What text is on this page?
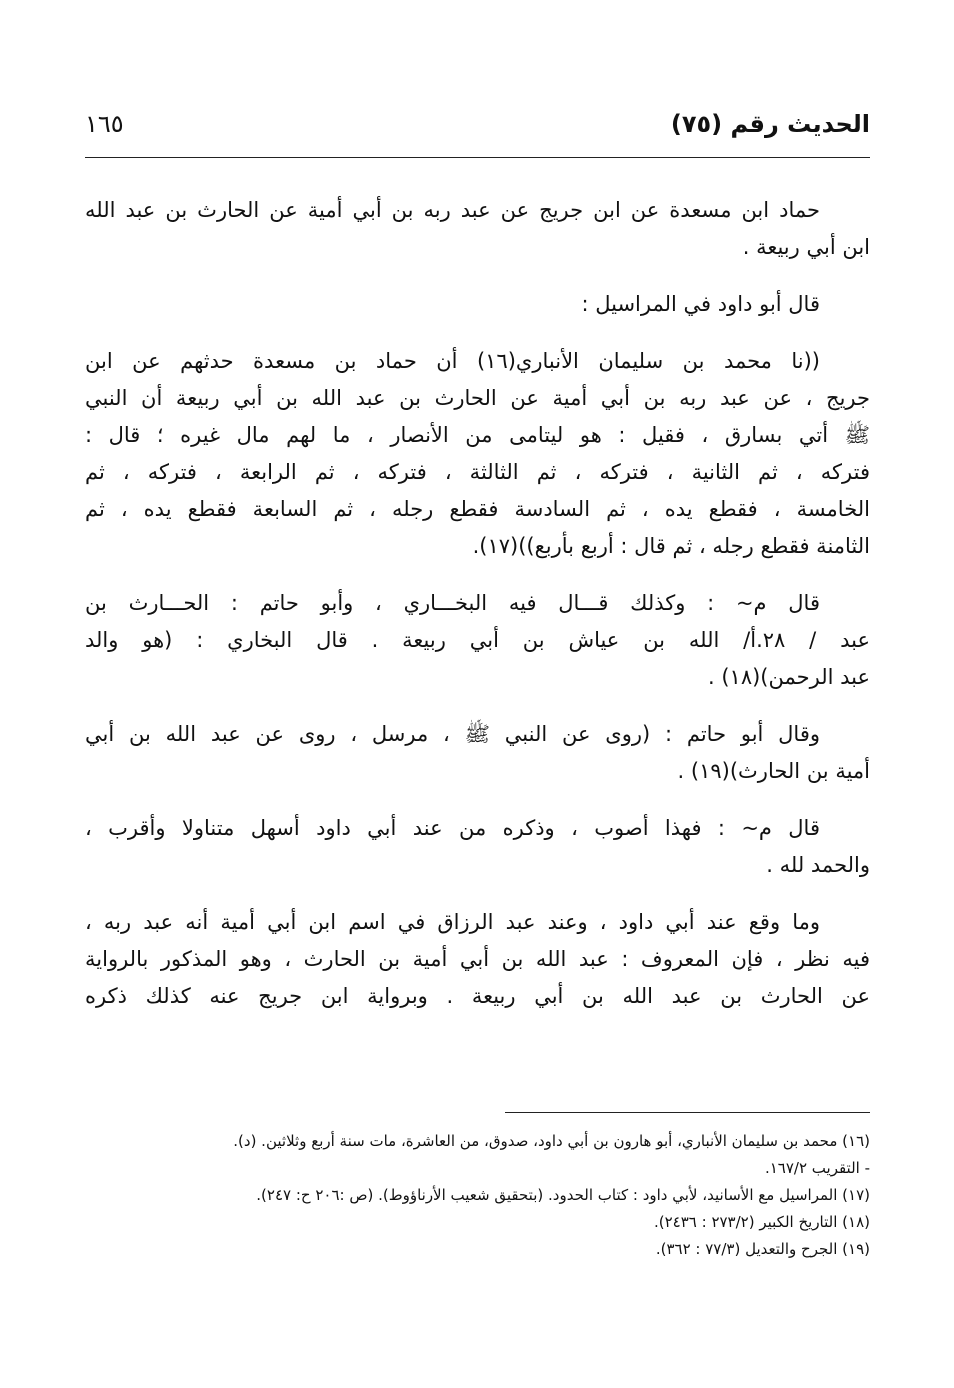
الحديث رقم (٧٥)
١٦٥
حماد ابن مسعدة عن ابن جريج عن عبد ربه بن أبي أمية عن الحارث بن عبد الله
ابن أبي ربيعة .
قال أبو داود في المراسيل :
((نا محمد بن سليمان الأنباري(١٦) أن حماد بن مسعدة حدثهم عن ابن
جريج ، عن عبد ربه بن أبي أمية عن الحارث بن عبد الله بن أبي ربيعة أن النبي
ﷺ أتي بسارق ، فقيل : هو ليتامى من الأنصار ، ما لهم مال غيره ؛ قال :
فتركه ، ثم الثانية ، فتركه ، ثم الثالثة ، فتركه ، ثم الرابعة ، فتركه ، ثم
الخامسة ، فقطع يده ، ثم السادسة فقطع رجله ، ثم السابعة فقطع يده ، ثم
الثامنة فقطع رجله ، ثم قال : أربع بأربع))(١٧).
قال م~ : وكذلك قـــال فيه البخـــاري ، وأبو حاتم : الحـــارث بن
عبد / ٢٨.أ/ الله بن عياش بن أبي ربيعة . قال البخاري : (هو والد
عبد الرحمن)(١٨) .
وقال أبو حاتم : (روى عن النبي ﷺ ، مرسل ، روى عن عبد الله بن أبي
أمية بن الحارث)(١٩) .
قال م~ : فهذا أصوب ، وذكره من عند أبي داود أسهل متناولا وأقرب ،
والحمد لله .
وما وقع عند أبي داود ، وعند عبد الرزاق في اسم ابن أبي أمية أنه عبد ربه ،
فيه نظر ، فإن المعروف : عبد الله بن أبي أمية بن الحارث ، وهو المذكور بالرواية
عن الحارث بن عبد الله بن أبي ربيعة . وبرواية ابن جريج عنه كذلك ذكره
(١٦) محمد بن سليمان الأنباري، أبو هارون بن أبي داود، صدوق، من العاشرة، مات سنة أربع وثلاثين. (د).
- التقريب ١٦٧/٢.
(١٧) المراسيل مع الأسانيد، لأبي داود : كتاب الحدود. (بتحقيق شعيب الأرناؤوط). (ص :٢٠٦ ح: ٢٤٧).
(١٨) التاريخ الكبير (٢٧٣/٢ : ٢٤٣٦).
(١٩) الجرح والتعديل (٧٧/٣ : ٣٦٢).
